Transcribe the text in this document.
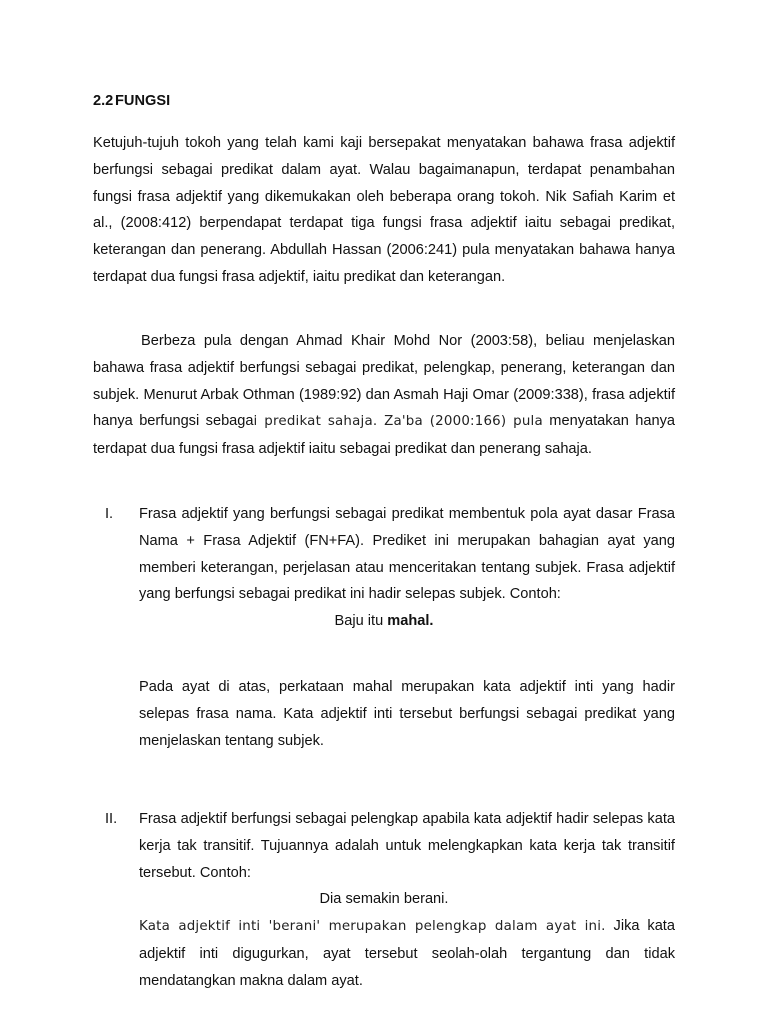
2.2 FUNGSI

Ketujuh-tujuh tokoh yang telah kami kaji bersepakat menyatakan bahawa frasa adjektif berfungsi sebagai predikat dalam ayat. Walau bagaimanapun, terdapat penambahan fungsi frasa adjektif yang dikemukakan oleh beberapa orang tokoh. Nik Safiah Karim et al., (2008:412) berpendapat terdapat tiga fungsi frasa adjektif iaitu sebagai predikat, keterangan dan penerang. Abdullah Hassan (2006:241) pula menyatakan bahawa hanya terdapat dua fungsi frasa adjektif, iaitu predikat dan keterangan.

Berbeza pula dengan Ahmad Khair Mohd Nor (2003:58), beliau menjelaskan bahawa frasa adjektif berfungsi sebagai predikat, pelengkap, penerang, keterangan dan subjek. Menurut Arbak Othman (1989:92) dan Asmah Haji Omar (2009:338), frasa adjektif hanya berfungsi sebagai predikat sahaja. Za'ba (2000:166) pula menyatakan hanya terdapat dua fungsi frasa adjektif iaitu sebagai predikat dan penerang sahaja.

I. Frasa adjektif yang berfungsi sebagai predikat membentuk pola ayat dasar Frasa Nama + Frasa Adjektif (FN+FA). Prediket ini merupakan bahagian ayat yang memberi keterangan, perjelasan atau menceritakan tentang subjek. Frasa adjektif yang berfungsi sebagai predikat ini hadir selepas subjek. Contoh:
Baju itu mahal.

Pada ayat di atas, perkataan mahal merupakan kata adjektif inti yang hadir selepas frasa nama. Kata adjektif inti tersebut berfungsi sebagai predikat yang menjelaskan tentang subjek.

II. Frasa adjektif berfungsi sebagai pelengkap apabila kata adjektif hadir selepas kata kerja tak transitif. Tujuannya adalah untuk melengkapkan kata kerja tak transitif tersebut. Contoh:
Dia semakin berani.
Kata adjektif inti 'berani' merupakan pelengkap dalam ayat ini. Jika kata adjektif inti digugurkan, ayat tersebut seolah-olah tergantung dan tidak mendatangkan makna dalam ayat.
